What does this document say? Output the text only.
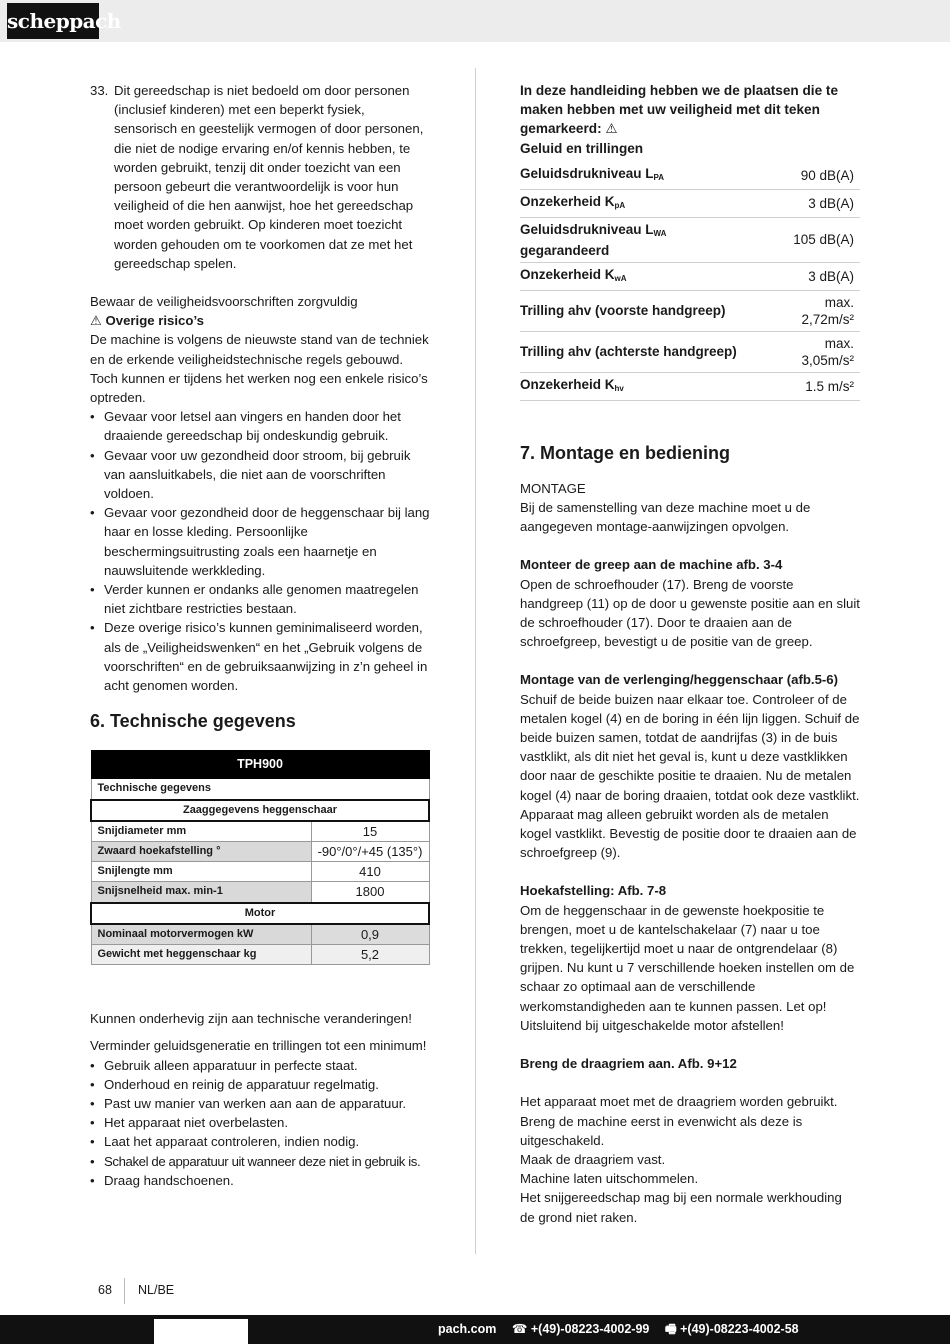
scheppach
33. Dit gereedschap is niet bedoeld om door personen (inclusief kinderen) met een beperkt fysiek, sensorisch en geestelijk vermogen of door personen, die niet de nodige ervaring en/of kennis hebben, te worden gebruikt, tenzij dit onder toezicht van een persoon gebeurt die verantwoordelijk is voor hun veiligheid of die hen aanwijst, hoe het gereedschap moet worden gebruikt. Op kinderen moet toezicht worden gehouden om te voorkomen dat ze met het gereedschap spelen.

Bewaar de veiligheidsvoorschriften zorgvuldig

⚠ Overige risico’s

De machine is volgens de nieuwste stand van de techniek en de erkende veiligheidstechnische regels gebouwd. Toch kunnen er tijdens het werken nog een enkele risico’s optreden.

• Gevaar voor letsel aan vingers en handen door het draaiende gereedschap bij ondeskundig gebruik.
• Gevaar voor uw gezondheid door stroom, bij gebruik van aansluitkabels, die niet aan de voorschriften voldoen.
• Gevaar voor gezondheid door de heggenschaar bij lang haar en losse kleding. Persoonlijke beschermingsuitrusting zoals een haarnetje en nauwsluitende werkkleding.
• Verder kunnen er ondanks alle genomen maatregelen niet zichtbare restricties bestaan.
• Deze overige risico’s kunnen geminimaliseerd worden, als de „Veiligheidswenken“ en het „Gebruik volgens de voorschriften“ en de gebruiksaanwijzing in z’n geheel in acht genomen worden.
6. Technische gegevens
TPH900	
Technische gegevens	
Zaaggegevens heggenschaar	
Snijdiameter mm	15
Zwaard hoekafstelling °	-90°/0°/+45 (135°)
Snijlengte mm	410
Snijsnelheid max. min-1	1800
Motor	
Nominaal motorvermogen kW	0,9
Gewicht met heggenschaar kg	5,2

Kunnen onderhevig zijn aan technische veranderingen!

Verminder geluidsgeneratie en trillingen tot een minimum!

• Gebruik alleen apparatuur in perfecte staat.
• Onderhoud en reinig de apparatuur regelmatig.
• Past uw manier van werken aan aan de apparatuur.
• Het apparaat niet overbelasten.
• Laat het apparaat controleren, indien nodig.
• Schakel de apparatuur uit wanneer deze niet in gebruik is.
• Draag handschoenen.

In deze handleiding hebben we de plaatsen die te maken hebben met uw veiligheid met dit teken gemarkeerd: ⚠

Geluid en trillingen

Geluidsdrukniveau $L_{PA}$	90 dB(A)
Onzekerheid $K_{pA}$	3 dB(A)
Geluidsdrukniveau $L_{WA}$
gegarandeerd	105 dB(A)
Onzekerheid $K_{wA}$	3 dB(A)
Trilling ahv (voorste handgreep)	max. 2,72m/s²
Trilling ahv (achterste handgreep)	max. 3,05m/s²
Onzekerheid $K_{hv}$	1.5 m/s²
7. Montage en bediening

MONTAGE

Bij de samenstelling van deze machine moet u de aangegeven montage-aanwijzingen opvolgen.

Monteer de greep aan de machine afb. 3-4

Open de schroefhouder (17). Breng de voorste handgreep (11) op de door u gewenste positie aan en sluit de schroefhouder (17). Door te draaien aan de schroefgreep, bevestigt u de positie van de greep.

Montage van de verlenging/heggenschaar (afb.5-6)

Schuif de beide buizen naar elkaar toe. Controleer of de metalen kogel (4) en de boring in één lijn liggen. Schuif de beide buizen samen, totdat de aandrijfas (3) in de buis vastklikt, als dit niet het geval is, kunt u deze vastklikken door naar de geschikte positie te draaien. Nu de metalen kogel (4) naar de boring draaien, totdat ook deze vastklikt. Apparaat mag alleen gebruikt worden als de metalen kogel vastklikt. Bevestig de positie door te draaien aan de schroefgreep (9).

Hoekafstelling: Afb. 7-8

Om de heggenschaar in de gewenste hoekpositie te brengen, moet u de kantelschakelaar (7) naar u toe trekken, tegelijkertijd moet u naar de ontgrendelaar (8) grijpen. Nu kunt u 7 verschillende hoeken instellen om de schaar zo optimaal aan de verschillende werkomstandigheden aan te kunnen passen. Let op! Uitsluitend bij uitgeschakelde motor afstellen!

Breng de draagriem aan. Afb. 9+12

Het apparaat moet met de draagriem worden gebruikt.

Breng de machine eerst in evenwicht als deze is uitgeschakeld.

Maak de draagriem vast.

Machine laten uitschommelen.

Het snijgereedschap mag bij een normale werkhouding de grond niet raken.

68 NL/BE
pach.com ☎ +(49)-08223-4002-99 🖷 +(49)-08223-4002-58
